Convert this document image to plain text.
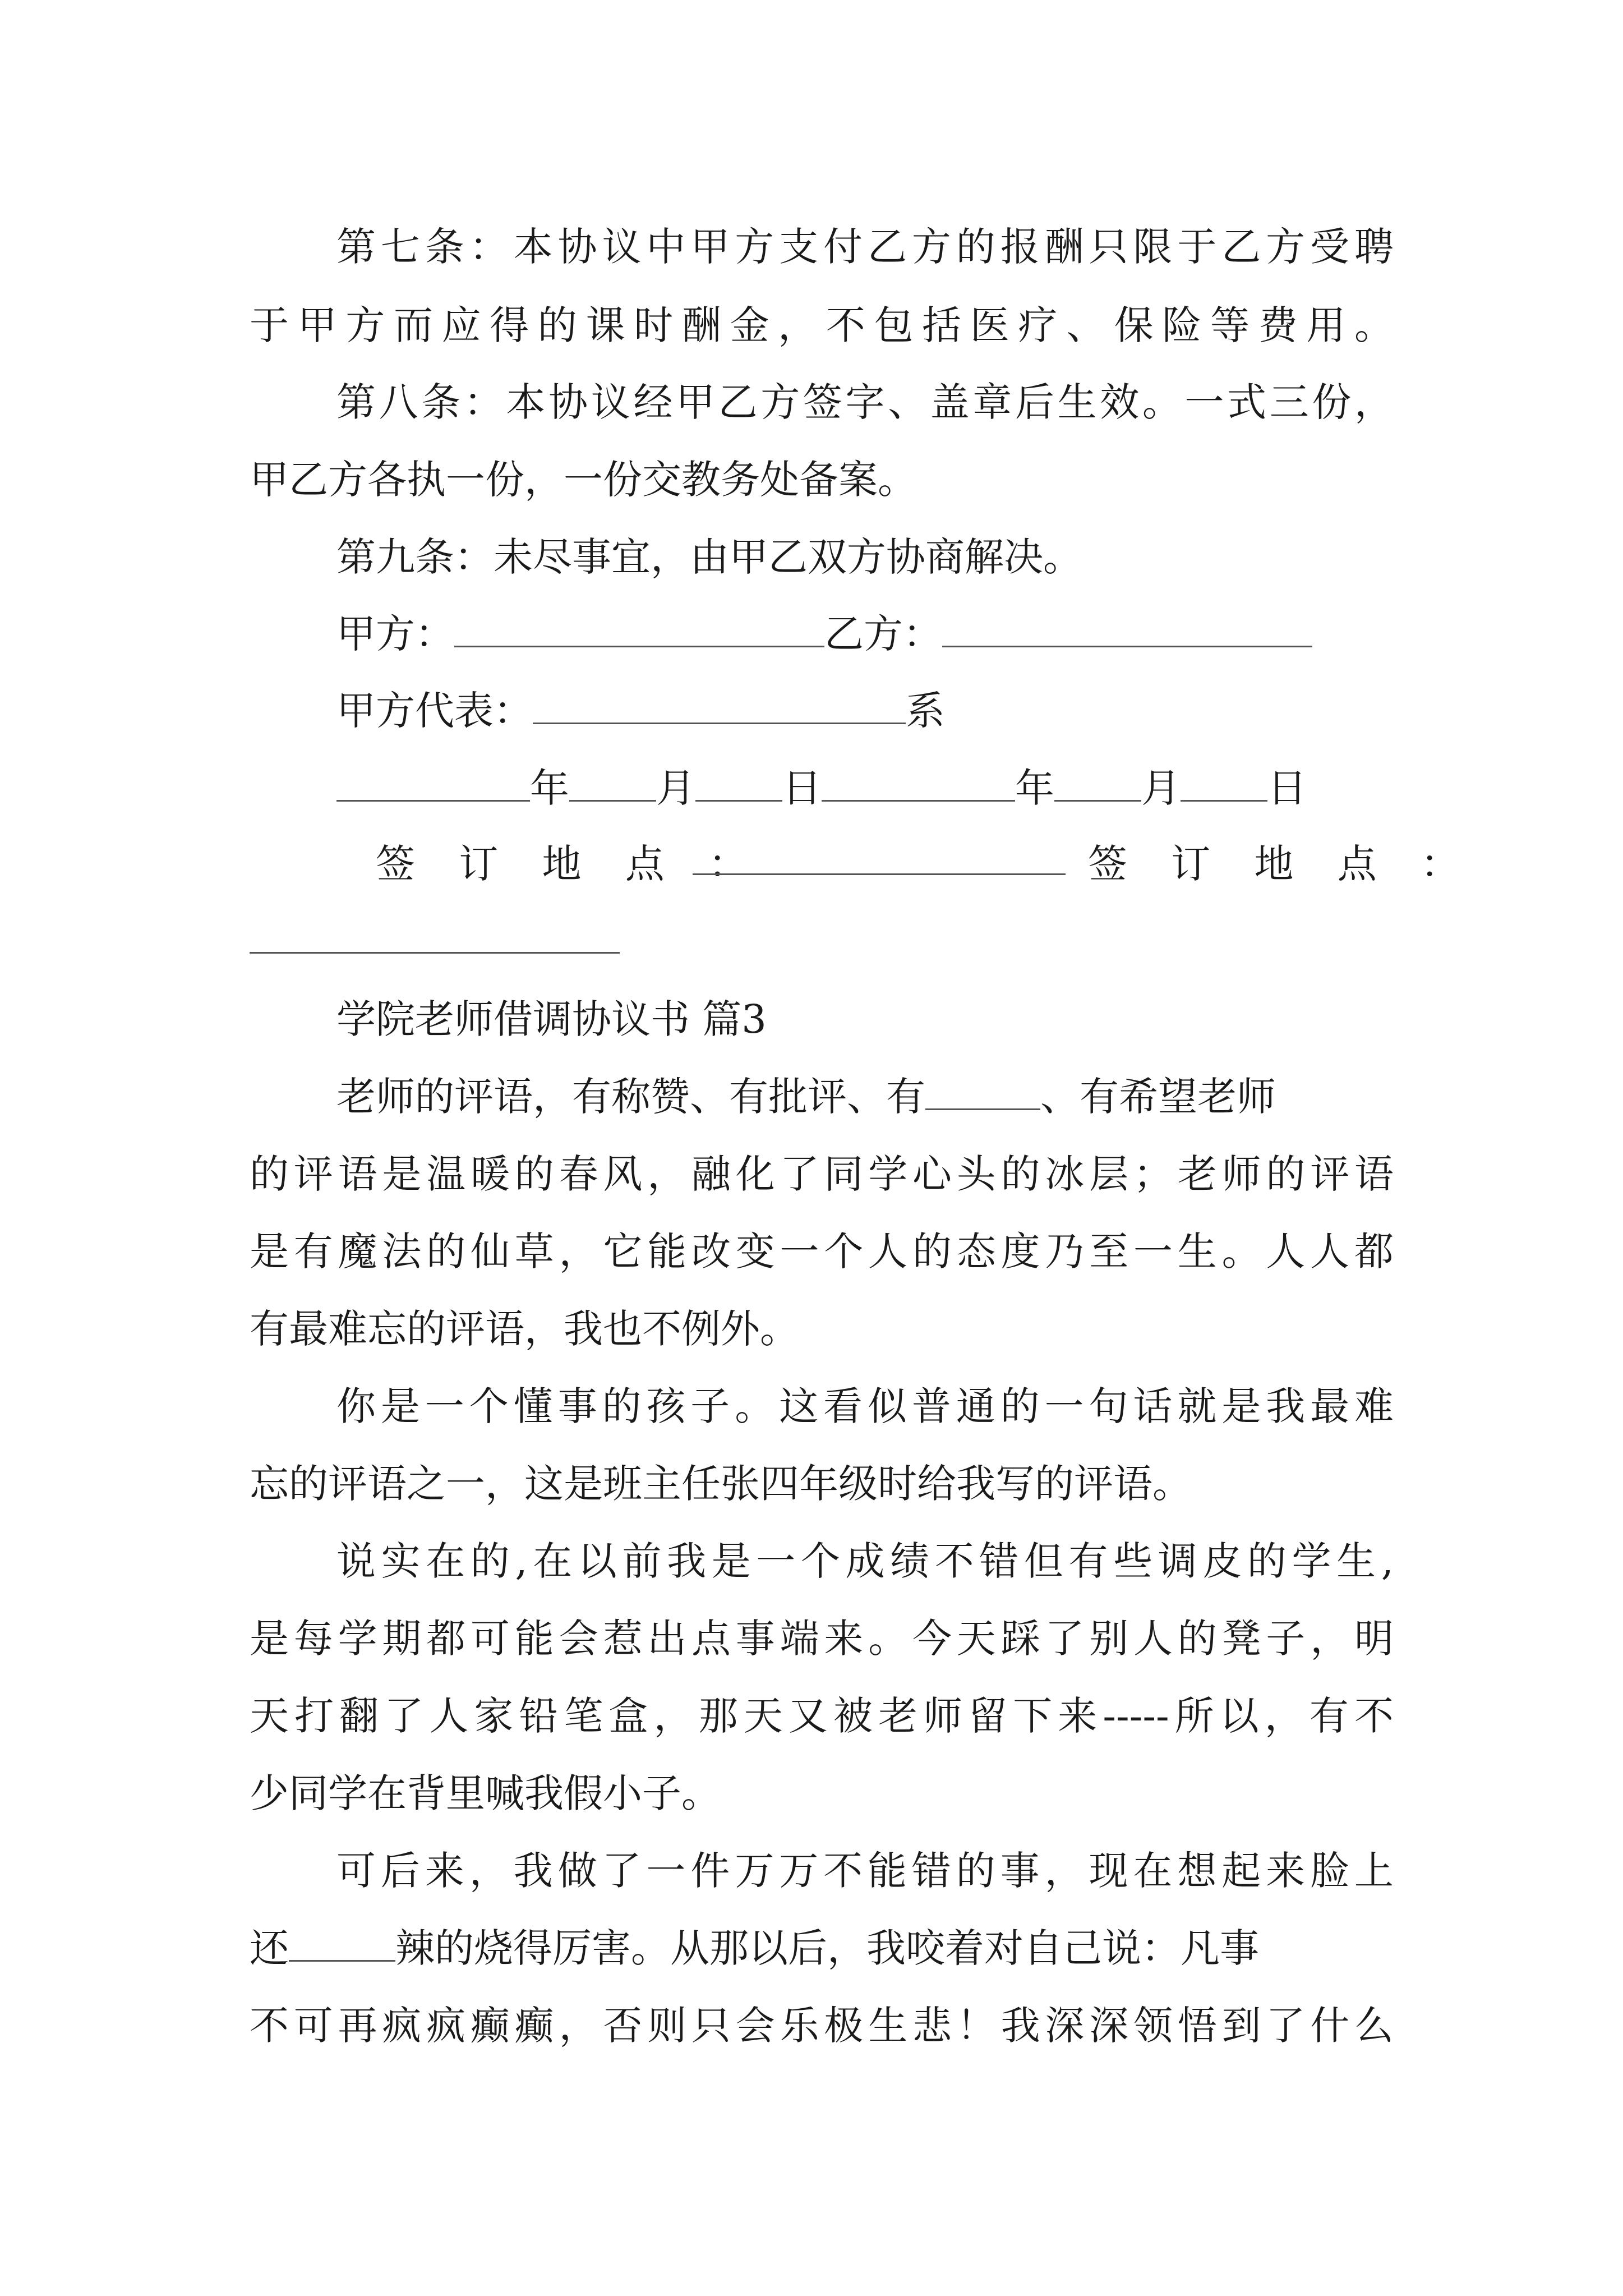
第七条：本协议中甲方支付乙方的报酬只限于乙方受聘
于甲方而应得的课时酬金，不包括医疗、保险等费用。
第八条：本协议经甲乙方签字、盖章后生效。一式三份，
甲乙方各执一份，一份交教务处备案。
第九条：未尽事宜，由甲乙双方协商解决。
甲方：	乙方：
甲方代表：	系
年 月 日	年 月 日
签 订 地 点 ：	签 订 地 点 ：
学院老师借调协议书 篇3
老师的评语，有称赞、有批评、有	、有希望老师
的评语是温暖的春风，融化了同学心头的冰层；老师的评语
是有魔法的仙草，它能改变一个人的态度乃至一生。人人都
有最难忘的评语，我也不例外。
你是一个懂事的孩子。这看似普通的一句话就是我最难
忘的评语之一，这是班主任张四年级时给我写的评语。
说实在的,在以前我是一个成绩不错但有些调皮的学生,
是每学期都可能会惹出点事端来。今天踩了别人的凳子，明
天打翻了人家铅笔盒，那天又被老师留下来-----所以，有不
少同学在背里喊我假小子。
可后来，我做了一件万万不能错的事，现在想起来脸上
还	辣的烧得厉害。从那以后，我咬着对自己说：凡事
不可再疯疯癫癫，否则只会乐极生悲！我深深领悟到了什么
